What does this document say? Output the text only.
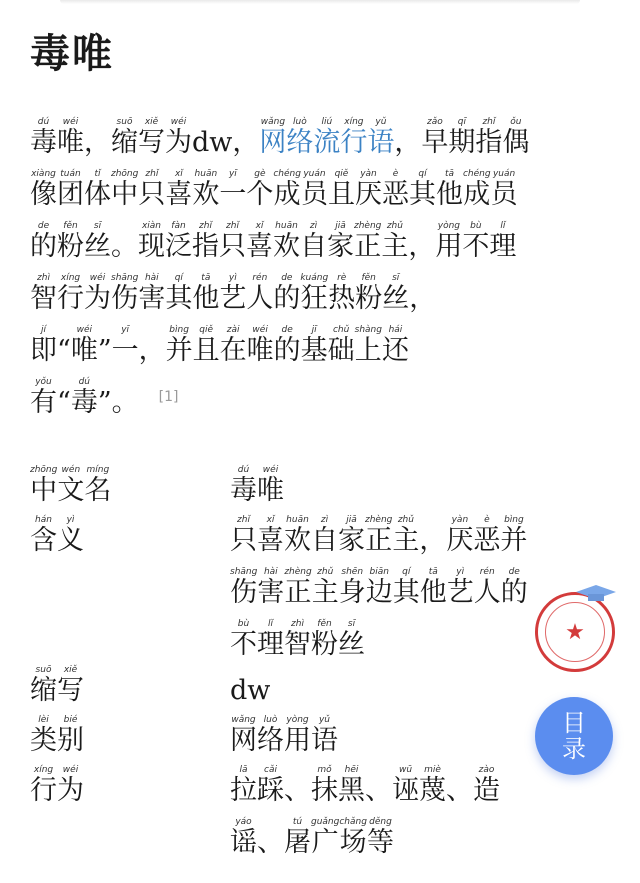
毒唯
毒dú
唯wéi
， 缩suō
写xiě
为wéi
dw ， 网wǎng
络luò
流liú
行xíng
语yǔ
， 早zǎo
期qī
指zhǐ
偶ǒu
像xiàng
团tuán
体tǐ
中zhōng
只zhǐ
喜xǐ
欢huān
一yī
个gè
成chéng
员yuán
且qiě
厌yàn
恶è
其qí
他tā
成chéng
员yuán
的de
粉fěn
丝sī
。 现xiàn
泛fàn
指zhǐ
只zhǐ
喜xǐ
欢huān
自zì
家jiā
正zhèng
主zhǔ
， 用yòng
不bù
理lǐ
智zhì
行xíng
为wéi
伤shāng
害hài
其qí
他tā
艺yì
人rén
的de
狂kuáng
热rè
粉fěn
丝sī
，
即jí
“ 唯wéi
” 一yī
， 并bìng
且qiě
在zài
唯wéi
的de
基jī
础chǔ
上shàng
还hái
有yǒu
“ 毒dú
” 。 [1]
中zhōng
文wén
名míng
毒dú
唯wéi
含hán
义yì
只zhǐ
喜xǐ
欢huān
自zì
家jiā
正zhèng
主zhǔ
， 厌yàn
恶è
并bìng
伤shāng
害hài
正zhèng
主zhǔ
身shēn
边biān
其qí
他tā
艺yì
人rén
的de
不bù
理lǐ
智zhì
粉fěn
丝sī
缩suō
写xiě
dw
类lèi
别bié
网wǎng
络luò
用yòng
语yǔ
行xíng
为wéi
拉lā
踩cǎi
、 抹mǒ
黑hēi
、 诬wū
蔑miè
、 造zào
谣yáo
、 屠tú
广guǎng
场chǎng
等děng
★
目录
